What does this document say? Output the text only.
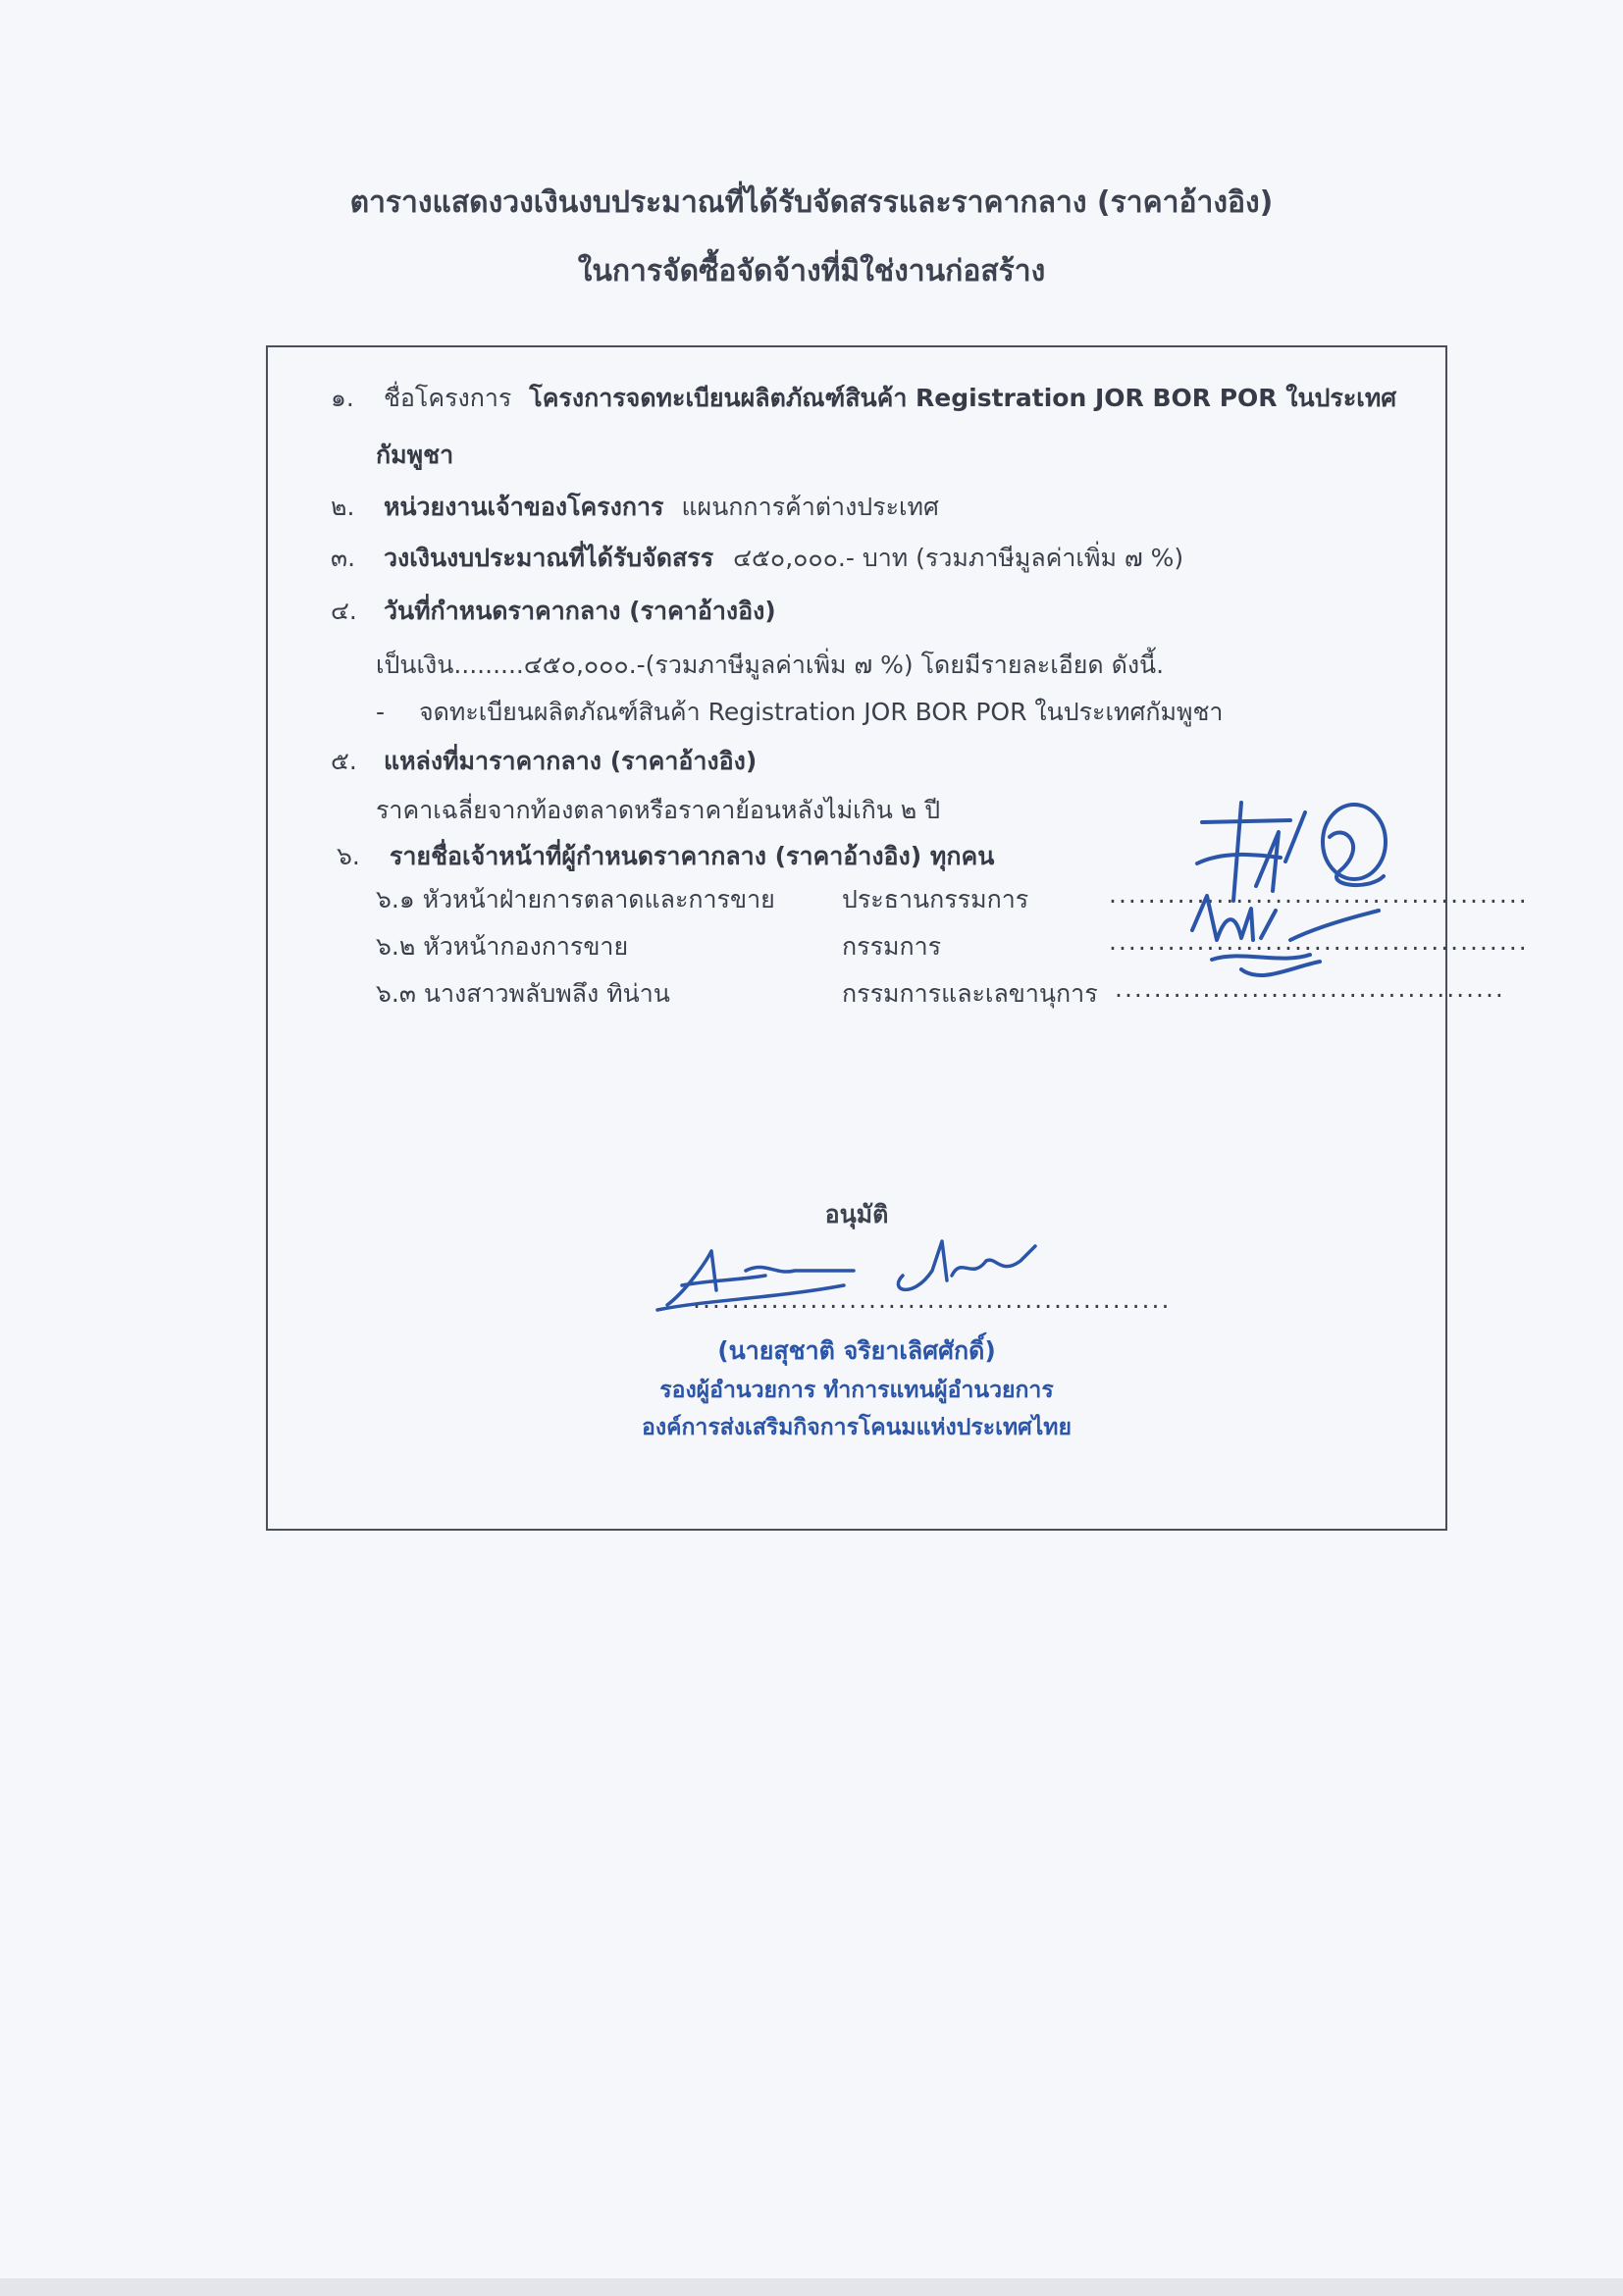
ตารางแสดงวงเงินงบประมาณที่ได้รับจัดสรรและราคากลาง (ราคาอ้างอิง)
ในการจัดซื้อจัดจ้างที่มิใช่งานก่อสร้าง
๑. ชื่อโครงการ โครงการจดทะเบียนผลิตภัณฑ์สินค้า Registration JOR BOR POR ในประเทศ
กัมพูชา
๒. หน่วยงานเจ้าของโครงการ แผนกการค้าต่างประเทศ
๓. วงเงินงบประมาณที่ได้รับจัดสรร ๔๕๐,๐๐๐.- บาท (รวมภาษีมูลค่าเพิ่ม ๗ %)
๔. วันที่กำหนดราคากลาง (ราคาอ้างอิง)
เป็นเงิน.........๔๕๐,๐๐๐.-(รวมภาษีมูลค่าเพิ่ม ๗ %) โดยมีรายละเอียด ดังนี้.
- จดทะเบียนผลิตภัณฑ์สินค้า Registration JOR BOR POR ในประเทศกัมพูชา
๕. แหล่งที่มาราคากลาง (ราคาอ้างอิง)
ราคาเฉลี่ยจากท้องตลาดหรือราคาย้อนหลังไม่เกิน ๒ ปี
๖. รายชื่อเจ้าหน้าที่ผู้กำหนดราคากลาง (ราคาอ้างอิง) ทุกคน
๖.๑ หัวหน้าฝ่ายการตลาดและการขาย	ประธานกรรมการ	...........................................
๖.๒ หัวหน้ากองการขาย	กรรมการ	...........................................
๖.๓ นางสาวพลับพลึง ทิน่าน	กรรมการและเลขานุการ ........................................
อนุมัติ
.................................................
(นายสุชาติ จริยาเลิศศักดิ์)
รองผู้อำนวยการ ทำการแทนผู้อำนวยการ
องค์การส่งเสริมกิจการโคนมแห่งประเทศไทย
